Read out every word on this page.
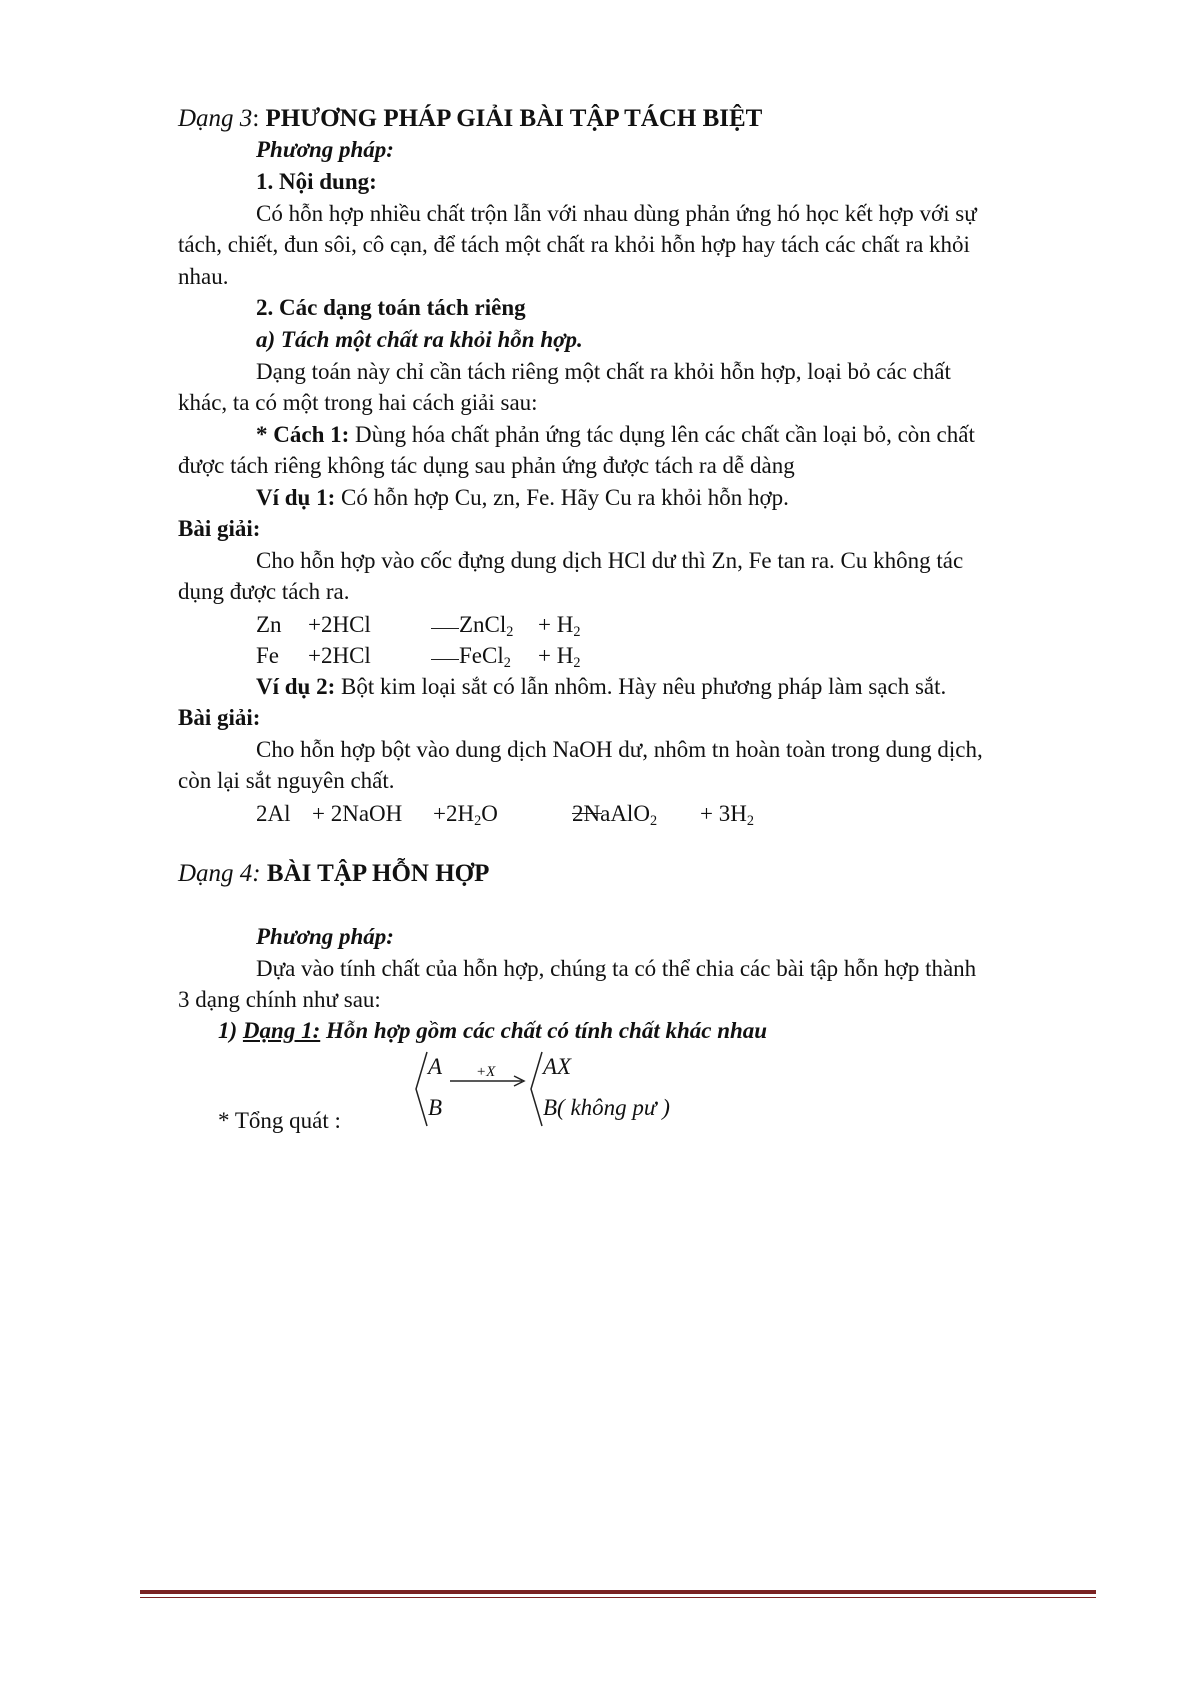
Dạng 3: PHƯƠNG PHÁP GIẢI BÀI TẬP TÁCH BIỆT
Phương pháp:
1. Nội dung:
Có hỗn hợp nhiều chất trộn lẫn với nhau dùng phản ứng hó học kết hợp với sự
tách, chiết, đun sôi, cô cạn, để tách một chất ra khỏi hỗn hợp hay tách các chất ra khỏi
nhau.
2. Các dạng toán tách riêng
a) Tách một chất ra khỏi hỗn hợp.
Dạng toán này chỉ cần tách riêng một chất ra khỏi hỗn hợp, loại bỏ các chất
khác, ta có một trong hai cách giải sau:
* Cách 1: Dùng hóa chất phản ứng tác dụng lên các chất cần loại bỏ, còn chất
được tách riêng không tác dụng sau phản ứng được tách ra dễ dàng
Ví dụ 1: Có hỗn hợp Cu, zn, Fe. Hãy Cu ra khỏi hỗn hợp.
Bài giải:
Cho hỗn hợp vào cốc đựng dung dịch HCl dư thì Zn, Fe tan ra. Cu không tác
dụng được tách ra.
Zn +2HCl	ZnCl$_2$ + $H_2$
Fe +2HCl	FeCl$_2$ + $H_2$
Ví dụ 2: Bột kim loại sắt có lẫn nhôm. Hày nêu phương pháp làm sạch sắt.
Bài giải:
Cho hỗn hợp bột vào dung dịch NaOH dư, nhôm tn hoàn toàn trong dung dịch,
còn lại sắt nguyên chất.
2Al + 2NaOH $+2H_2O$	2NaAlO$_2$ + $3H_2$
Dạng 4: BÀI TẬP HỖN HỢP
Phương pháp:
Dựa vào tính chất của hỗn hợp, chúng ta có thể chia các bài tập hỗn hợp thành
3 dạng chính như sau:
1) Dạng 1: Hỗn hợp gồm các chất có tính chất khác nhau
* Tổng quát :
A
B
+X AX
B( không pư )
